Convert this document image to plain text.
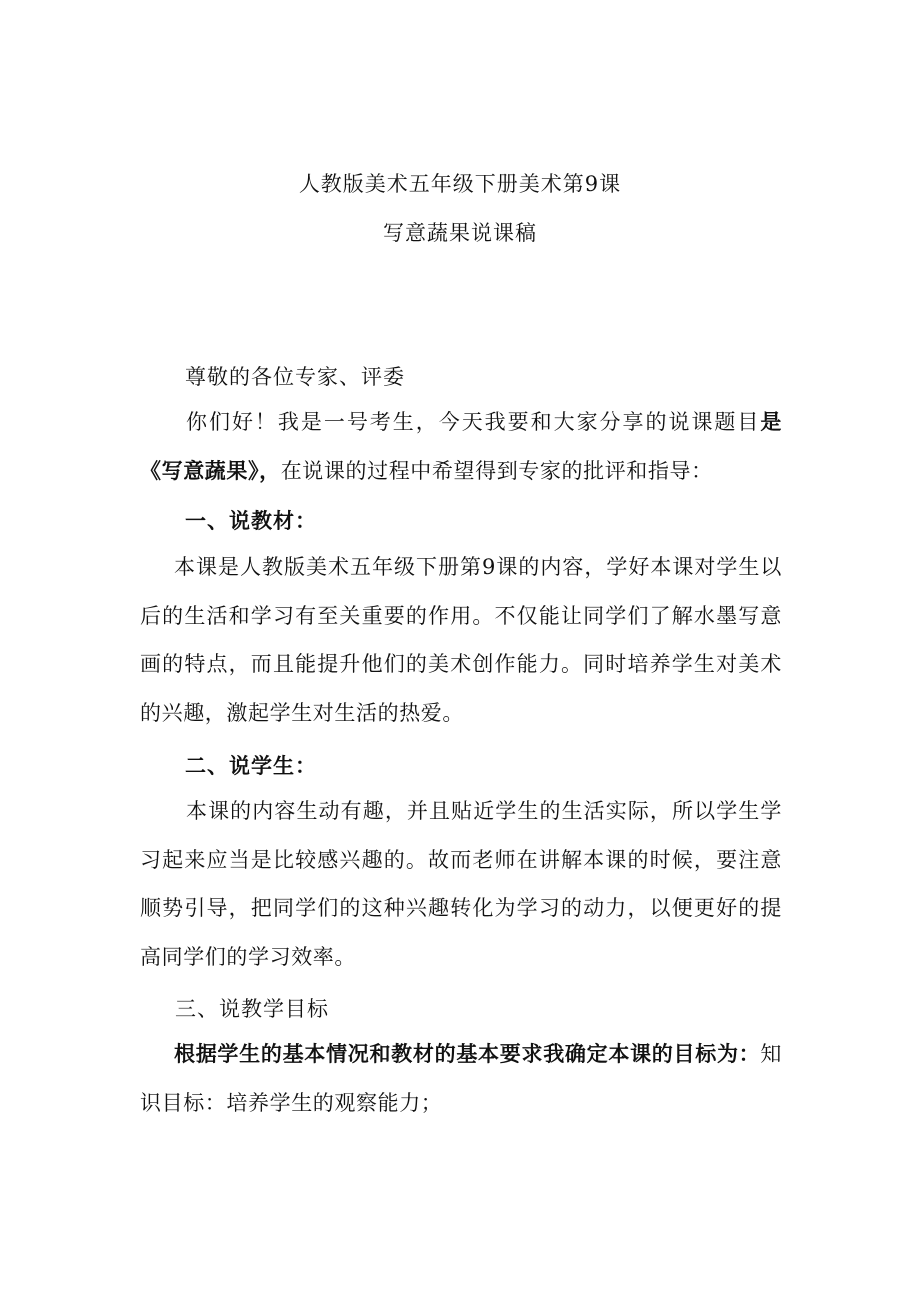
人教版美术五年级下册美术第9课
写意蔬果说课稿
尊敬的各位专家、评委
你们好！我是一号考生，今天我要和大家分享的说课题目是《写意蔬果》，在说课的过程中希望得到专家的批评和指导：
一、说教材：
本课是人教版美术五年级下册第9课的内容，学好本课对学生以后的生活和学习有至关重要的作用。不仅能让同学们了解水墨写意画的特点，而且能提升他们的美术创作能力。同时培养学生对美术的兴趣，激起学生对生活的热爱。
二、说学生：
本课的内容生动有趣，并且贴近学生的生活实际，所以学生学习起来应当是比较感兴趣的。故而老师在讲解本课的时候，要注意顺势引导，把同学们的这种兴趣转化为学习的动力，以便更好的提高同学们的学习效率。
三、说教学目标
根据学生的基本情况和教材的基本要求我确定本课的目标为：知识目标：培养学生的观察能力；
